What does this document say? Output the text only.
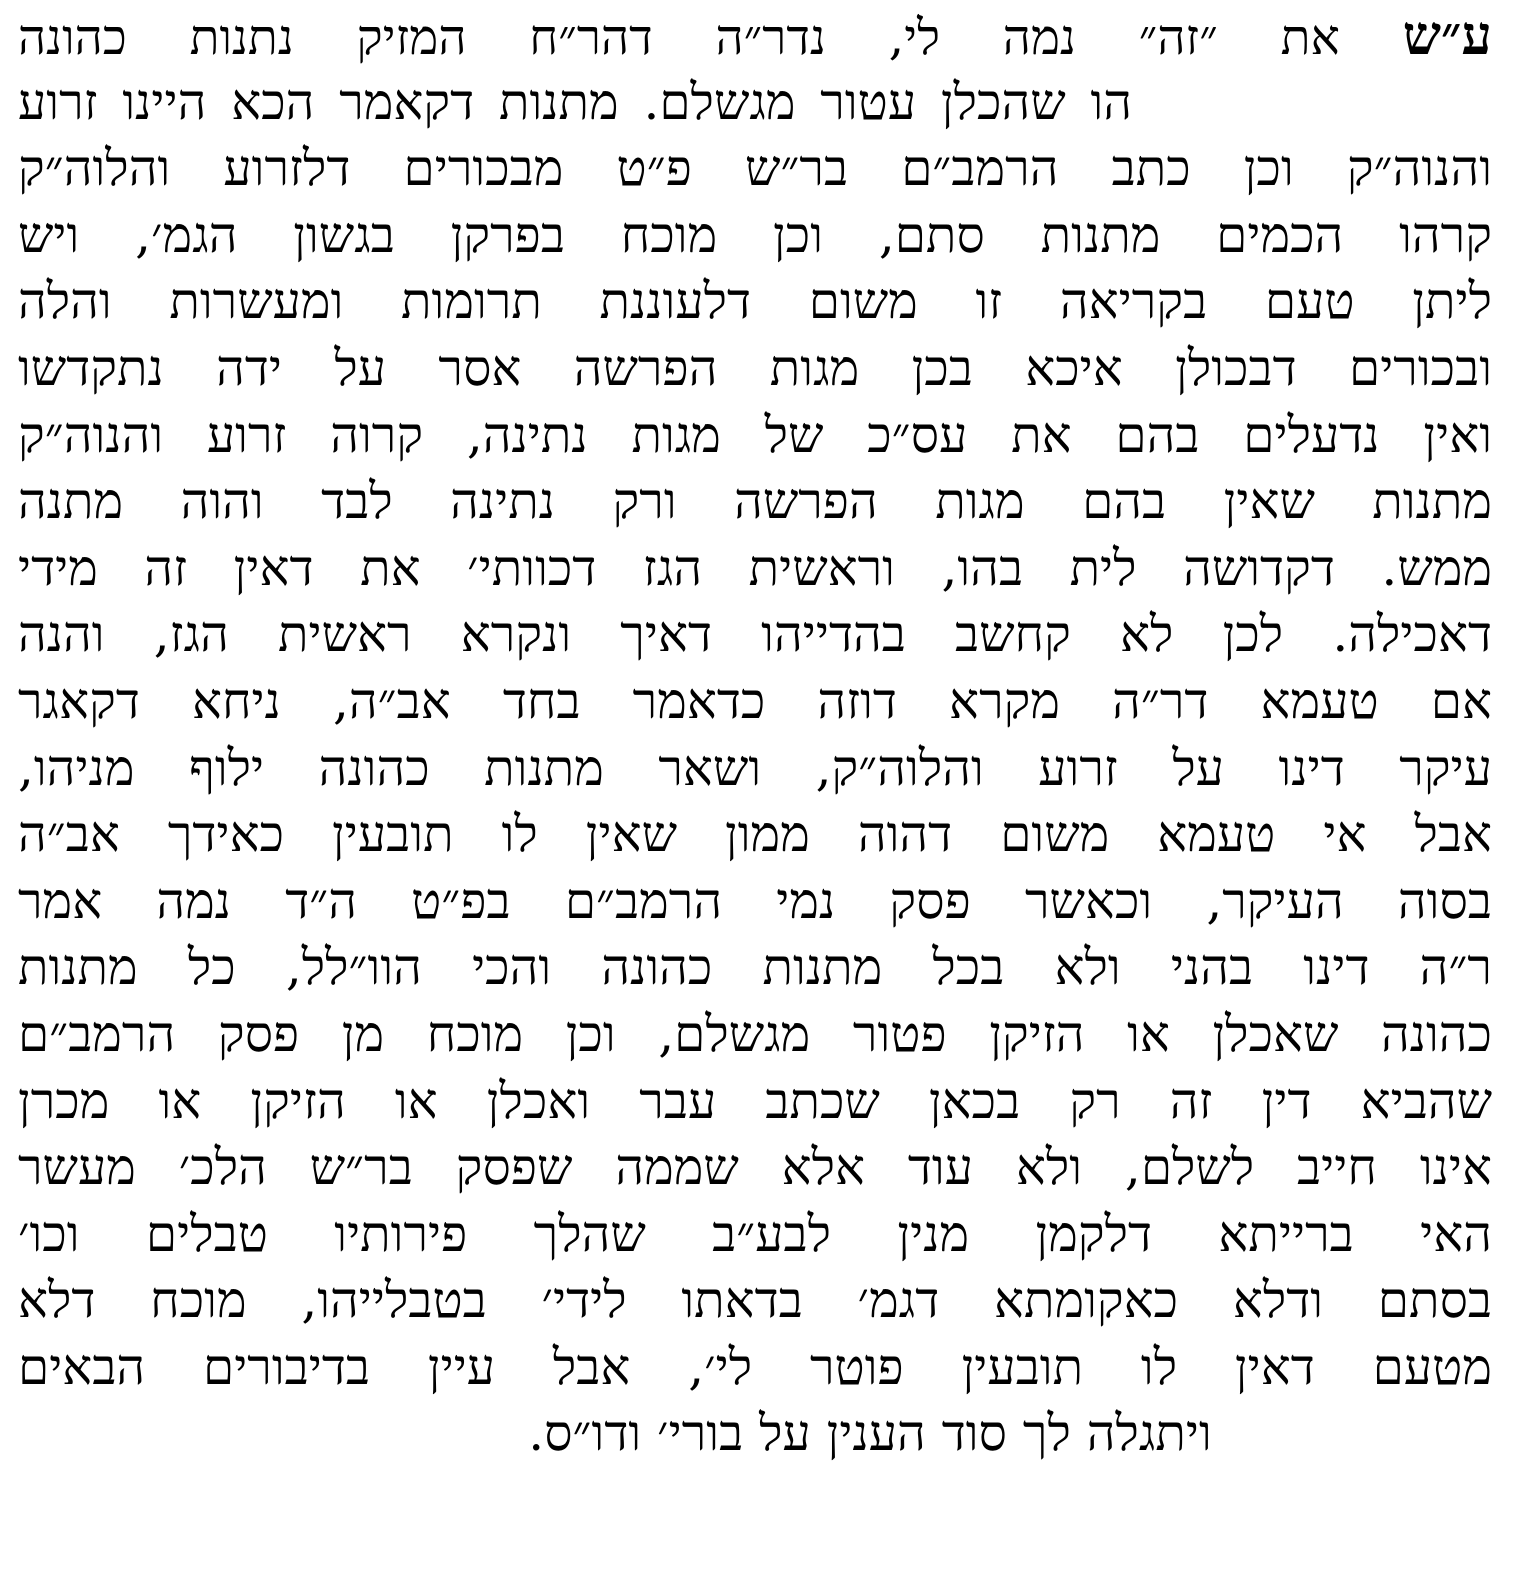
ע״ש את ״זה״ נמה לי, נדר״ה דהר״ח המזיק נתנות כהונה
הו שהכלן עטור מגשלם. מתנות דקאמר הכא היינו זרוע
והנוה״ק וכן כתב הרמב״ם בר״ש פ״ט מבכורים דלזרוע והלוה״ק
קרהו הכמים מתנות סתם, וכן מוכח בפרקן בגשון הגמ׳, ויש
ליתן טעם בקריאה זו משום דלעוננת תרומות ומעשרות והלה
ובכורים דבכולן איכא בכן מגות הפרשה אסר על ידה נתקדשו
ואין נדעלים בהם את עס״כ של מגות נתינה, קרוה זרוע והנוה״ק
מתנות שאין בהם מגות הפרשה ורק נתינה לבד והוה מתנה
ממש. דקדושה לית בהו, וראשית הגז דכוותי׳ את דאין זה מידי
דאכילה. לכן לא קחשב בהדייהו דאיך ונקרא ראשית הגז, והנה
אם טעמא דר״ה מקרא דוזה כדאמר בחד אב״ה, ניחא דקאגר
עיקר דינו על זרוע והלוה״ק, ושאר מתנות כהונה ילוף מניהו,
אבל אי טעמא משום דהוה ממון שאין לו תובעין כאידך אב״ה
בסוה העיקר, וכאשר פסק נמי הרמב״ם בפ״ט ה״ד נמה אמר
ר״ה דינו בהני ולא בכל מתנות כהונה והכי הוו״לל, כל מתנות
כהונה שאכלן או הזיקן פטור מגשלם, וכן מוכח מן פסק הרמב״ם
שהביא דין זה רק בכאן שכתב עבר ואכלן או הזיקן או מכרן
אינו חייב לשלם, ולא עוד אלא שממה שפסק בר״ש הלכ׳ מעשר
האי ברייתא דלקמן מנין לבע״ב שהלך פירותיו טבלים וכו׳
בסתם ודלא כאקומתא דגמ׳ בדאתו לידי׳ בטבלייהו, מוכח דלא
מטעם דאין לו תובעין פוטר לי׳, אבל עיין בדיבורים הבאים
ויתגלה לך סוד הענין על בורי׳ ודו״ס.
